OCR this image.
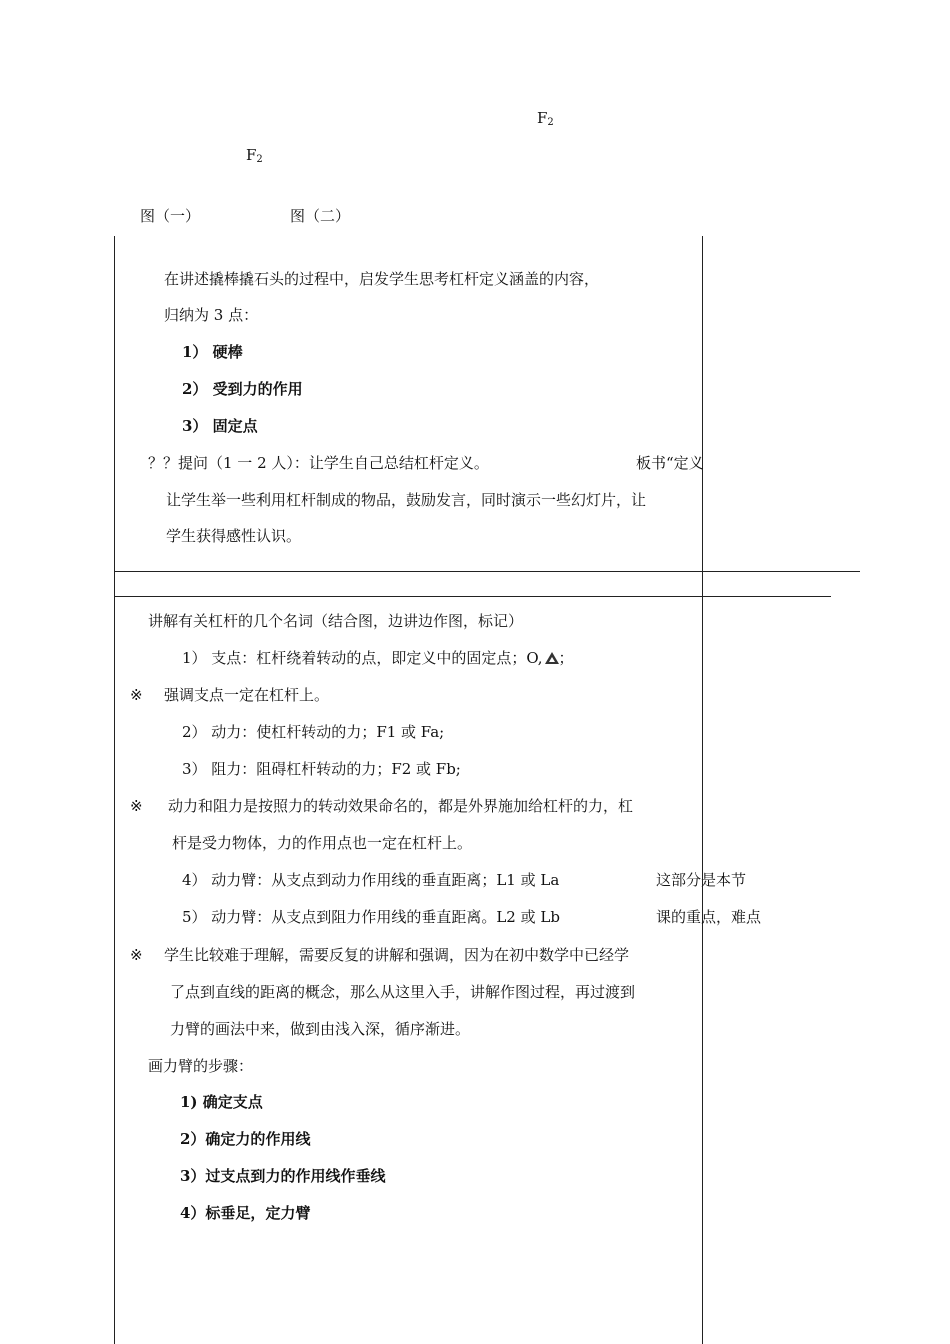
$F_2$
$F_2$
图（一）	图（二）
在讲述撬棒撬石头的过程中，启发学生思考杠杆定义涵盖的内容，
归纳为 3 点：
1） 硬棒
2） 受到力的作用
3） 固定点
？？提问（1 一 2 人）：让学生自己总结杠杆定义。	板书“定义
让学生举一些利用杠杆制成的物品，鼓励发言，同时演示一些幻灯片，让
学生获得感性认识。
讲解有关杠杆的几个名词（结合图，边讲边作图，标记）
1） 支点：杠杆绕着转动的点，即定义中的固定点；O, ；
※ 强调支点一定在杠杆上。
2） 动力：使杠杆转动的力；F1 或 Fa;
3） 阻力：阻碍杠杆转动的力；F2 或 Fb;
※ 动力和阻力是按照力的转动效果命名的，都是外界施加给杠杆的力，杠
杆是受力物体，力的作用点也一定在杠杆上。
4） 动力臂：从支点到动力作用线的垂直距离；L1 或 La	这部分是本节
5） 动力臂：从支点到阻力作用线的垂直距离。L2 或 Lb	课的重点，难点
※ 学生比较难于理解，需要反复的讲解和强调，因为在初中数学中已经学
了点到直线的距离的概念，那么从这里入手，讲解作图过程，再过渡到
力臂的画法中来，做到由浅入深，循序渐进。
画力臂的步骤：
1) 确定支点
2）确定力的作用线
3）过支点到力的作用线作垂线
4）标垂足，定力臂
